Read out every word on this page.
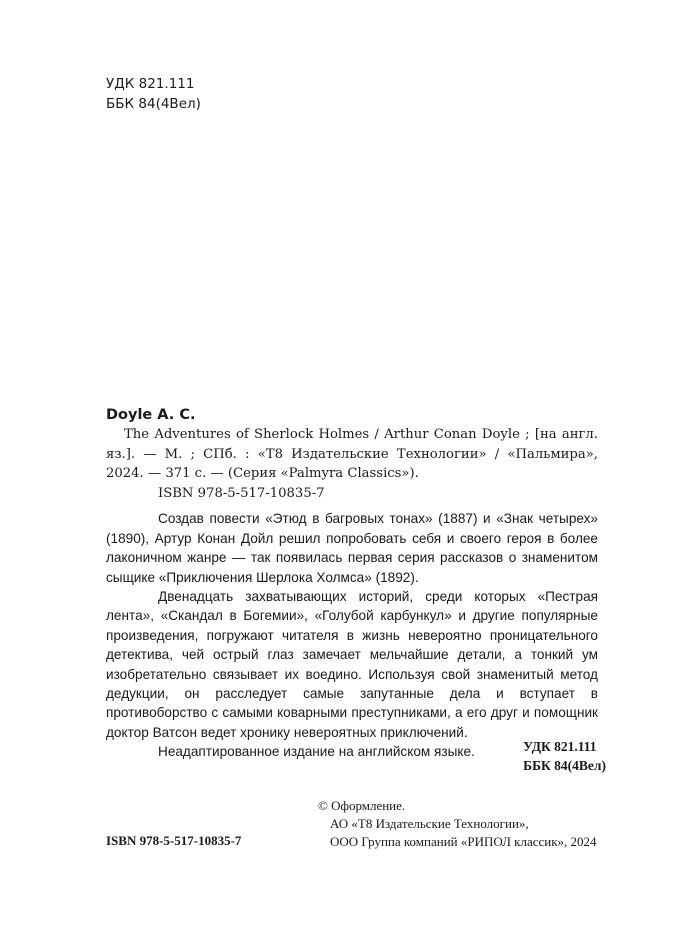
УДК 821.111
ББК 84(4Вел)
Doyle A. C.
The Adventures of Sherlock Holmes / Arthur Conan Doyle ; [на англ. яз.]. — М. ; СПб. : «Т8 Издательские Технологии» / «Пальмира», 2024. — 371 с. — (Серия «Palmyra Classics»).
ISBN 978-5-517-10835-7

Создав повести «Этюд в багровых тонах» (1887) и «Знак четырех» (1890), Артур Конан Дойл решил попробовать себя и своего героя в более лаконичном жанре — так появилась первая серия рассказов о знаменитом сыщике «Приключения Шерлока Холмса» (1892).

Двенадцать захватывающих историй, среди которых «Пестрая лента», «Скандал в Богемии», «Голубой карбункул» и другие популярные произведения, погружают читателя в жизнь невероятно проницательного детектива, чей острый глаз замечает мельчайшие детали, а тонкий ум изобретательно связывает их воедино. Используя свой знаменитый метод дедукции, он расследует самые запутанные дела и вступает в противоборство с самыми коварными преступниками, а его друг и помощник доктор Ватсон ведет хронику невероятных приключений.

Неадаптированное издание на английском языке.	УДК 821.111
ББК 84(4Вел)
ISBN 978-5-517-10835-7
© Оформление.
АО «Т8 Издательские Технологии»,
ООО Группа компаний «РИПОЛ классик», 2024
